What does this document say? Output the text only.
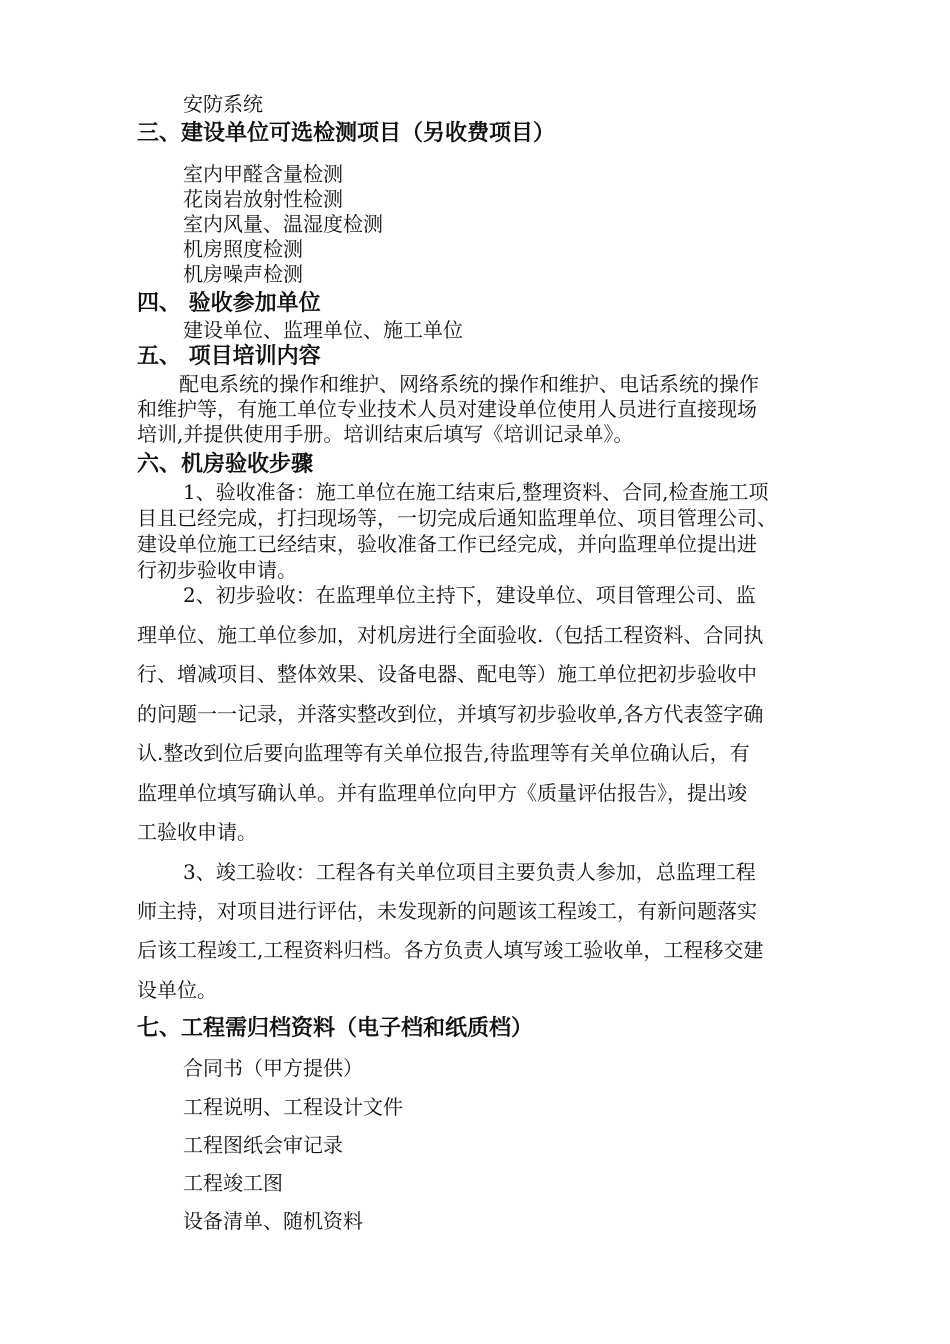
安防系统
三、建设单位可选检测项目（另收费项目）
室内甲醛含量检测
花岗岩放射性检测
室内风量、温湿度检测
机房照度检测
机房噪声检测
四、 验收参加单位
建设单位、监理单位、施工单位
五、 项目培训内容
配电系统的操作和维护、网络系统的操作和维护、电话系统的操作
和维护等，有施工单位专业技术人员对建设单位使用人员进行直接现场
培训,并提供使用手册。培训结束后填写《培训记录单》。
六、机房验收步骤
1、验收准备：施工单位在施工结束后,整理资料、合同,检查施工项
目且已经完成，打扫现场等，一切完成后通知监理单位、项目管理公司、
建设单位施工已经结束，验收准备工作已经完成，并向监理单位提出进
行初步验收申请。
2、初步验收：在监理单位主持下，建设单位、项目管理公司、监
理单位、施工单位参加，对机房进行全面验收.（包括工程资料、合同执
行、增减项目、整体效果、设备电器、配电等）施工单位把初步验收中
的问题一一记录，并落实整改到位，并填写初步验收单,各方代表签字确
认.整改到位后要向监理等有关单位报告,待监理等有关单位确认后，有
监理单位填写确认单。并有监理单位向甲方《质量评估报告》，提出竣
工验收申请。
3、竣工验收：工程各有关单位项目主要负责人参加，总监理工程
师主持，对项目进行评估，未发现新的问题该工程竣工，有新问题落实
后该工程竣工,工程资料归档。各方负责人填写竣工验收单，工程移交建
设单位。
七、工程需归档资料（电子档和纸质档）
合同书（甲方提供）
工程说明、工程设计文件
工程图纸会审记录
工程竣工图
设备清单、随机资料
